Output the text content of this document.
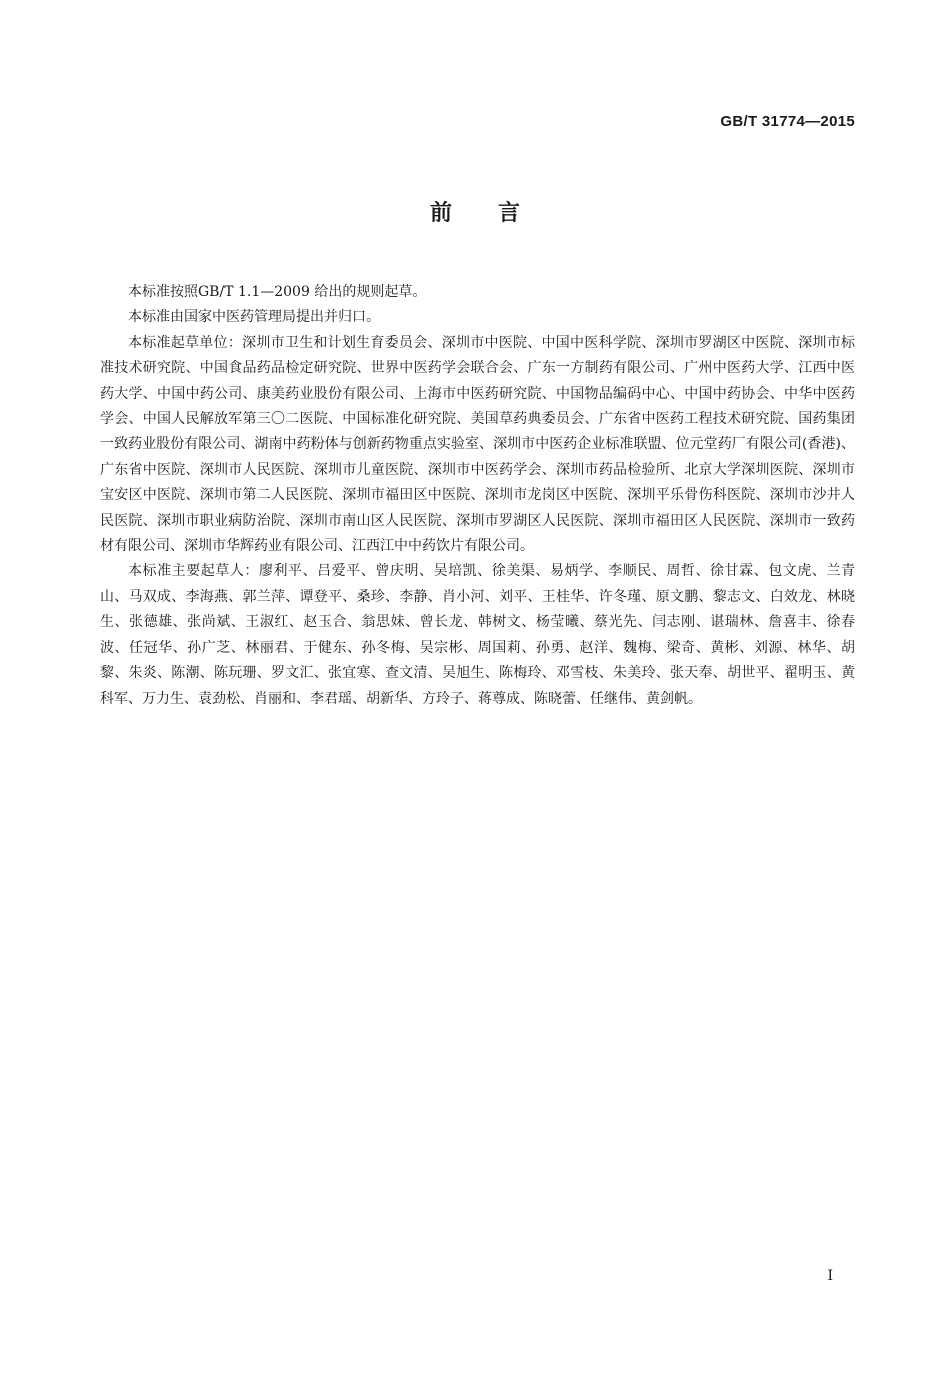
GB/T 31774—2015
前言

本标准按照GB/T 1.1—2009 给出的规则起草。

本标准由国家中医药管理局提出并归口。

本标准起草单位：深圳市卫生和计划生育委员会、深圳市中医院、中国中医科学院、深圳市罗湖区中医院、深圳市标准技术研究院、中国食品药品检定研究院、世界中医药学会联合会、广东一方制药有限公司、广州中医药大学、江西中医药大学、中国中药公司、康美药业股份有限公司、上海市中医药研究院、中国物品编码中心、中国中药协会、中华中医药学会、中国人民解放军第三〇二医院、中国标准化研究院、美国草药典委员会、广东省中医药工程技术研究院、国药集团一致药业股份有限公司、湖南中药粉体与创新药物重点实验室、深圳市中医药企业标准联盟、位元堂药厂有限公司(香港)、广东省中医院、深圳市人民医院、深圳市儿童医院、深圳市中医药学会、深圳市药品检验所、北京大学深圳医院、深圳市宝安区中医院、深圳市第二人民医院、深圳市福田区中医院、深圳市龙岗区中医院、深圳平乐骨伤科医院、深圳市沙井人民医院、深圳市职业病防治院、深圳市南山区人民医院、深圳市罗湖区人民医院、深圳市福田区人民医院、深圳市一致药材有限公司、深圳市华辉药业有限公司、江西江中中药饮片有限公司。

本标准主要起草人：廖利平、吕爱平、曾庆明、吴培凯、徐美渠、易炳学、李顺民、周哲、徐甘霖、包文虎、兰青山、马双成、李海燕、郭兰萍、谭登平、桑珍、李静、肖小河、刘平、王桂华、许冬瑾、原文鹏、黎志文、白效龙、林晓生、张德雄、张尚斌、王淑红、赵玉合、翁思妹、曾长龙、韩树文、杨莹曦、蔡光先、闫志刚、谌瑞林、詹喜丰、徐春波、任冠华、孙广芝、林丽君、于健东、孙冬梅、吴宗彬、周国莉、孙勇、赵洋、魏梅、梁奇、黄彬、刘源、林华、胡黎、朱炎、陈潮、陈玩珊、罗文汇、张宜寒、查文清、吴旭生、陈梅玲、邓雪枝、朱美玲、张天奉、胡世平、翟明玉、黄科军、万力生、袁劲松、肖丽和、李君瑶、胡新华、方玲子、蒋尊成、陈晓蕾、任继伟、黄剑帆。

I
